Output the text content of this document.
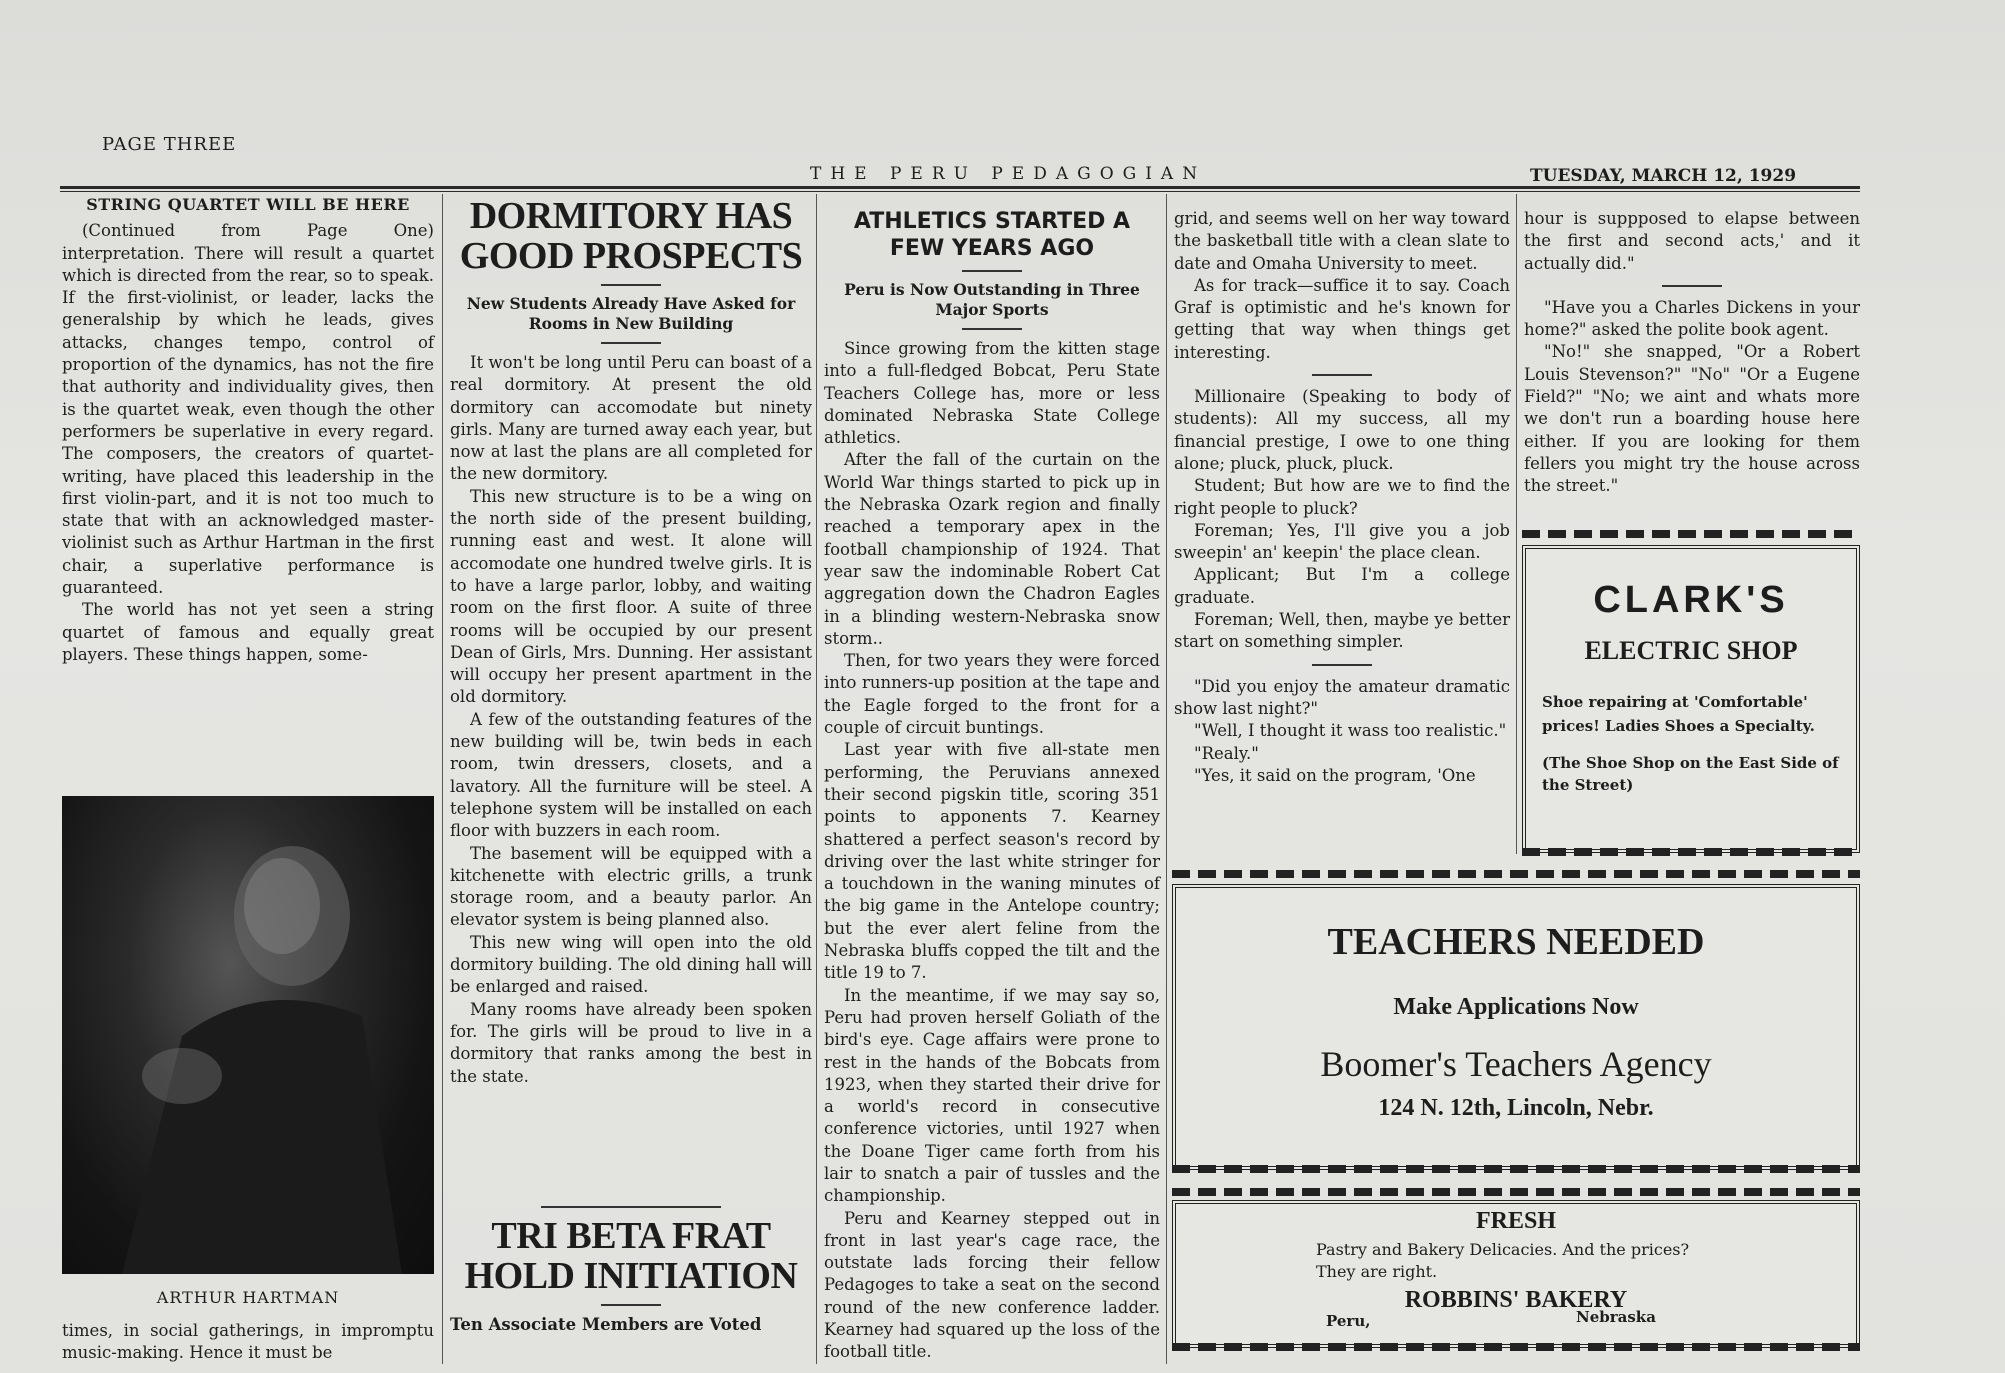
PAGE THREE
THE PERU PEDAGOGIAN	TUESDAY, MARCH 12, 1929
STRING QUARTET WILL BE HERE

(Continued from Page One) interpretation. There will result a quartet which is directed from the rear, so to speak. If the first-violinist, or leader, lacks the generalship by which he leads, gives attacks, changes tempo, control of proportion of the dynamics, has not the fire that authority and individuality gives, then is the quartet weak, even though the other performers be superlative in every regard. The composers, the creators of quartet-writing, have placed this leadership in the first violin-part, and it is not too much to state that with an acknowledged master-violinist such as Arthur Hartman in the first chair, a superlative performance is guaranteed.

The world has not yet seen a string quartet of famous and equally great players. These things happen, some-

ARTHUR HARTMAN

times, in social gatherings, in impromptu music-making. Hence it must be

DORMITORY HAS GOOD PROSPECTS
New Students Already Have Asked for Rooms in New Building

It won't be long until Peru can boast of a real dormitory. At present the old dormitory can accomodate but ninety girls. Many are turned away each year, but now at last the plans are all completed for the new dormitory.

This new structure is to be a wing on the north side of the present building, running east and west. It alone will accomodate one hundred twelve girls. It is to have a large parlor, lobby, and waiting room on the first floor. A suite of three rooms will be occupied by our present Dean of Girls, Mrs. Dunning. Her assistant will occupy her present apartment in the old dormitory.

A few of the outstanding features of the new building will be, twin beds in each room, twin dressers, closets, and a lavatory. All the furniture will be steel. A telephone system will be installed on each floor with buzzers in each room.

The basement will be equipped with a kitchenette with electric grills, a trunk storage room, and a beauty parlor. An elevator system is being planned also.

This new wing will open into the old dormitory building. The old dining hall will be enlarged and raised.

Many rooms have already been spoken for. The girls will be proud to live in a dormitory that ranks among the best in the state.

TRI BETA FRAT HOLD INITIATION

Ten Associate Members are Voted

ATHLETICS STARTED A FEW YEARS AGO
Peru is Now Outstanding in Three Major Sports

Since growing from the kitten stage into a full-fledged Bobcat, Peru State Teachers College has, more or less dominated Nebraska State College athletics.

After the fall of the curtain on the World War things started to pick up in the Nebraska Ozark region and finally reached a temporary apex in the football championship of 1924. That year saw the indominable Robert Cat aggregation down the Chadron Eagles in a blinding western-Nebraska snow storm..

Then, for two years they were forced into runners-up position at the tape and the Eagle forged to the front for a couple of circuit buntings.

Last year with five all-state men performing, the Peruvians annexed their second pigskin title, scoring 351 points to apponents 7. Kearney shattered a perfect season's record by driving over the last white stringer for a touchdown in the waning minutes of the big game in the Antelope country; but the ever alert feline from the Nebraska bluffs copped the tilt and the title 19 to 7.

In the meantime, if we may say so, Peru had proven herself Goliath of the bird's eye. Cage affairs were prone to rest in the hands of the Bobcats from 1923, when they started their drive for a world's record in consecutive conference victories, until 1927 when the Doane Tiger came forth from his lair to snatch a pair of tussles and the championship.

Peru and Kearney stepped out in front in last year's cage race, the outstate lads forcing their fellow Pedagoges to take a seat on the second round of the new conference ladder. Kearney had squared up the loss of the football title.

grid, and seems well on her way toward the basketball title with a clean slate to date and Omaha University to meet.

As for track—suffice it to say. Coach Graf is optimistic and he's known for getting that way when things get interesting.

Millionaire (Speaking to body of students): All my success, all my financial prestige, I owe to one thing alone; pluck, pluck, pluck.

Student; But how are we to find the right people to pluck?

Foreman; Yes, I'll give you a job sweepin' an' keepin' the place clean.

Applicant; But I'm a college graduate.

Foreman; Well, then, maybe ye better start on something simpler.

"Did you enjoy the amateur dramatic show last night?"

"Well, I thought it wass too realistic."

"Realy."

"Yes, it said on the program, 'One

hour is suppposed to elapse between the first and second acts,' and it actually did."

"Have you a Charles Dickens in your home?" asked the polite book agent.

"No!" she snapped, "Or a Robert Louis Stevenson?" "No" "Or a Eugene Field?" "No; we aint and whats more we don't run a boarding house here either. If you are looking for them fellers you might try the house across the street."

CLARK'S
ELECTRIC SHOP
Shoe repairing at 'Comfortable' prices! Ladies Shoes a Specialty.
(The Shoe Shop on the East Side of the Street)
TEACHERS NEEDED
Make Applications Now
Boomer's Teachers Agency
124 N. 12th, Lincoln, Nebr.
FRESH
Pastry and Bakery Delicacies. And the prices? They are right.
ROBBINS' BAKERY
Peru,	Nebraska
